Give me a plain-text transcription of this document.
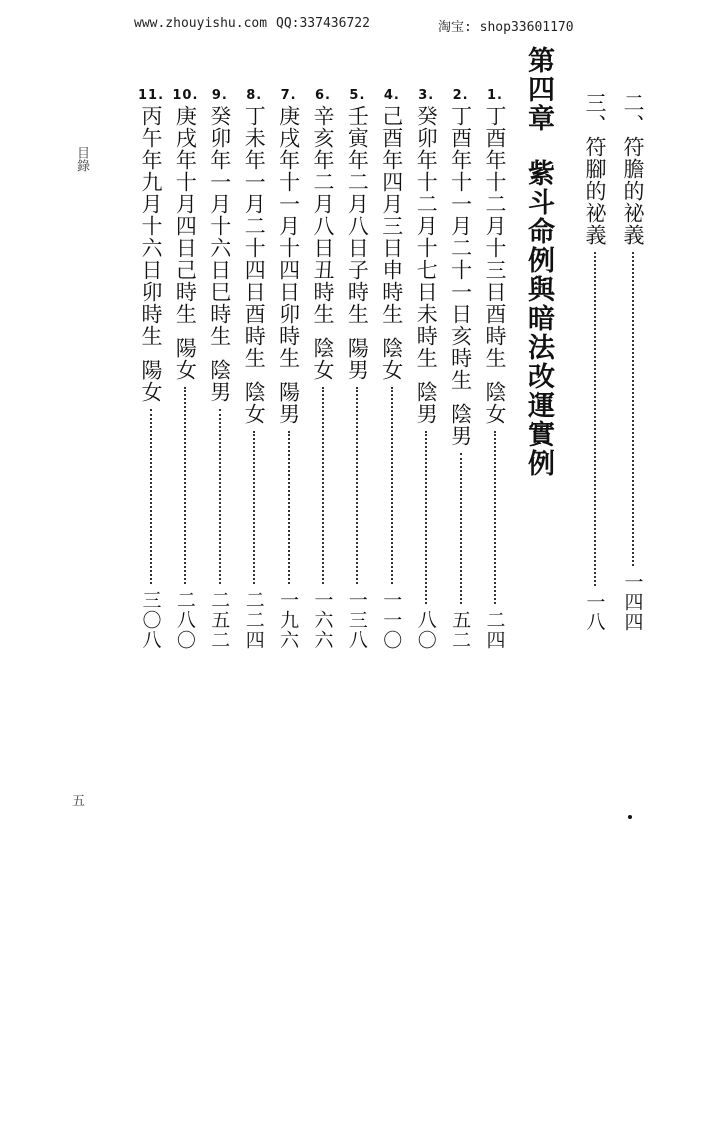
www.zhouyishu.com QQ:337436722	淘宝: shop33601170
二、符膽的祕義
一四四
三、符腳的祕義
一八
第四章紫斗命例與暗法改運實例
1.
丁酉年十二月十三日酉時生
陰女
二四
2.
丁酉年十一月二十一日亥時生
陰男
五二
3.
癸卯年十二月十七日未時生
陰男
八〇
4.
己酉年四月三日申時生
陰女
一一〇
5.
壬寅年二月八日子時生
陽男
一三八
6.
辛亥年二月八日丑時生
陰女
一六六
7.
庚戌年十一月十四日卯時生
陽男
一九六
8.
丁未年一月二十四日酉時生
陰女
二二四
9.
癸卯年一月十六日巳時生
陰男
二五二
10.
庚戌年十月四日己時生
陽女
二八〇
11.
丙午年九月十六日卯時生
陽女
三〇八
目錄
五
